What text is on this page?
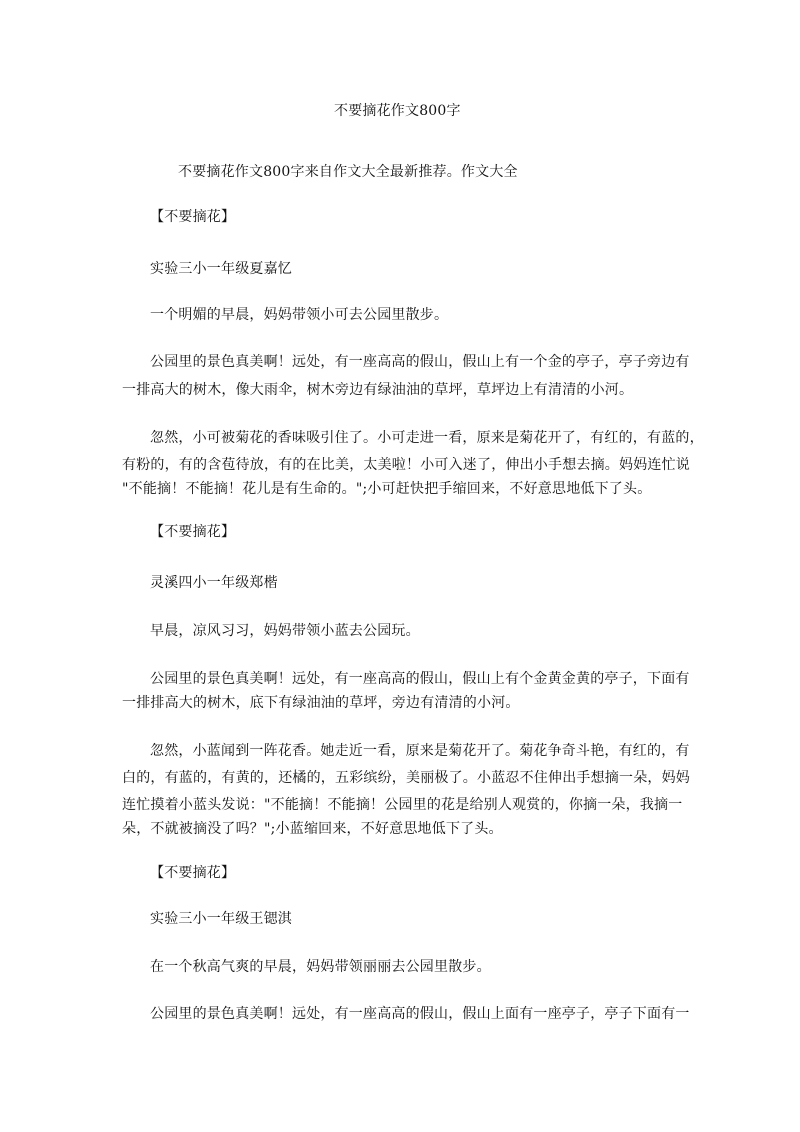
不要摘花作文800字
不要摘花作文800字来自作文大全最新推荐。作文大全
【不要摘花】
实验三小一年级夏嘉忆
一个明媚的早晨，妈妈带领小可去公园里散步。
公园里的景色真美啊！远处，有一座高高的假山，假山上有一个金的亭子，亭子旁边有
一排高大的树木，像大雨伞，树木旁边有绿油油的草坪，草坪边上有清清的小河。
忽然，小可被菊花的香味吸引住了。小可走进一看，原来是菊花开了，有红的，有蓝的，
有粉的，有的含苞待放，有的在比美，太美啦！小可入迷了，伸出小手想去摘。妈妈连忙说
"不能摘！不能摘！花儿是有生命的。";小可赶快把手缩回来，不好意思地低下了头。
【不要摘花】
灵溪四小一年级郑楷
早晨，凉风习习，妈妈带领小蓝去公园玩。
公园里的景色真美啊！远处，有一座高高的假山，假山上有个金黄金黄的亭子，下面有
一排排高大的树木，底下有绿油油的草坪，旁边有清清的小河。
忽然，小蓝闻到一阵花香。她走近一看，原来是菊花开了。菊花争奇斗艳，有红的，有
白的，有蓝的，有黄的，还橘的，五彩缤纷，美丽极了。小蓝忍不住伸出手想摘一朵，妈妈
连忙摸着小蓝头发说："不能摘！不能摘！公园里的花是给别人观赏的，你摘一朵，我摘一
朵，不就被摘没了吗？";小蓝缩回来，不好意思地低下了头。
【不要摘花】
实验三小一年级王锶淇
在一个秋高气爽的早晨，妈妈带领丽丽去公园里散步。
公园里的景色真美啊！远处，有一座高高的假山，假山上面有一座亭子，亭子下面有一
